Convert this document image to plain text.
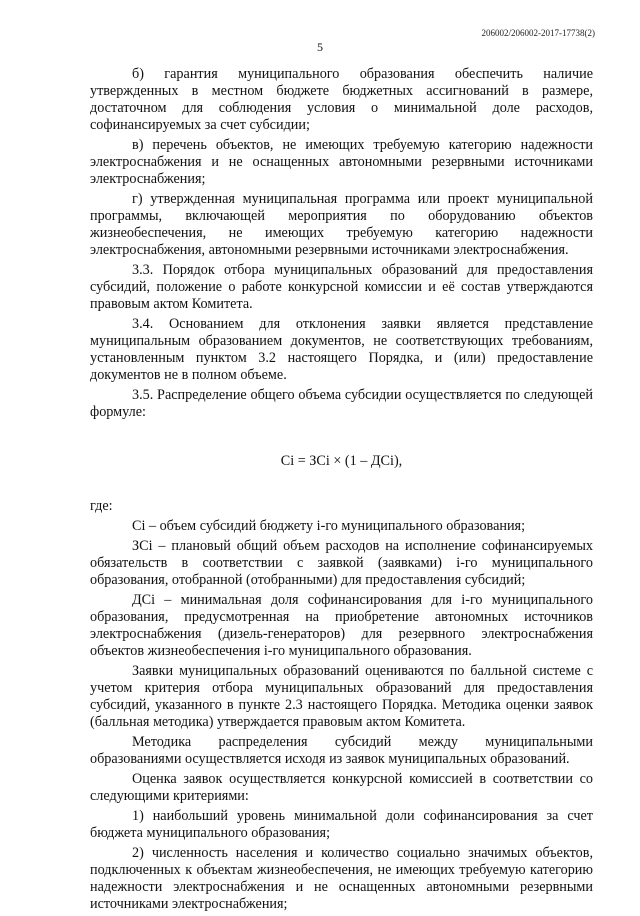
206002/206002-2017-17738(2)
5

б) гарантия муниципального образования обеспечить наличие утвержденных в местном бюджете бюджетных ассигнований в размере, достаточном для соблюдения условия о минимальной доле расходов, софинансируемых за счет субсидии;

в) перечень объектов, не имеющих требуемую категорию надежности электроснабжения и не оснащенных автономными резервными источниками электроснабжения;

г) утвержденная муниципальная программа или проект муниципальной программы, включающей мероприятия по оборудованию объектов жизнеобеспечения, не имеющих требуемую категорию надежности электроснабжения, автономными резервными источниками электроснабжения.

3.3. Порядок отбора муниципальных образований для предоставления субсидий, положение о работе конкурсной комиссии и её состав утверждаются правовым актом Комитета.

3.4. Основанием для отклонения заявки является представление муниципальным образованием документов, не соответствующих требованиям, установленным пунктом 3.2 настоящего Порядка, и (или) предоставление документов не в полном объеме.

3.5. Распределение общего объема субсидии осуществляется по следующей формуле:

Сi = ЗСi × (1 – ДСi),

где:

Сi – объем субсидий бюджету i-го муниципального образования;

ЗСi – плановый общий объем расходов на исполнение софинансируемых обязательств в соответствии с заявкой (заявками) i-го муниципального образования, отобранной (отобранными) для предоставления субсидий;

ДСi – минимальная доля софинансирования для i-го муниципального образования, предусмотренная на приобретение автономных источников электроснабжения (дизель-генераторов) для резервного электроснабжения объектов жизнеобеспечения i-го муниципального образования.

Заявки муниципальных образований оцениваются по балльной системе с учетом критерия отбора муниципальных образований для предоставления субсидий, указанного в пункте 2.3 настоящего Порядка. Методика оценки заявок (балльная методика) утверждается правовым актом Комитета.

Методика распределения субсидий между муниципальными образованиями осуществляется исходя из заявок муниципальных образований.

Оценка заявок осуществляется конкурсной комиссией в соответствии со следующими критериями:

1) наибольший уровень минимальной доли софинансирования за счет бюджета муниципального образования;

2) численность населения и количество социально значимых объектов, подключенных к объектам жизнеобеспечения, не имеющих требуемую категорию надежности электроснабжения и не оснащенных автономными резервными источниками электроснабжения;
